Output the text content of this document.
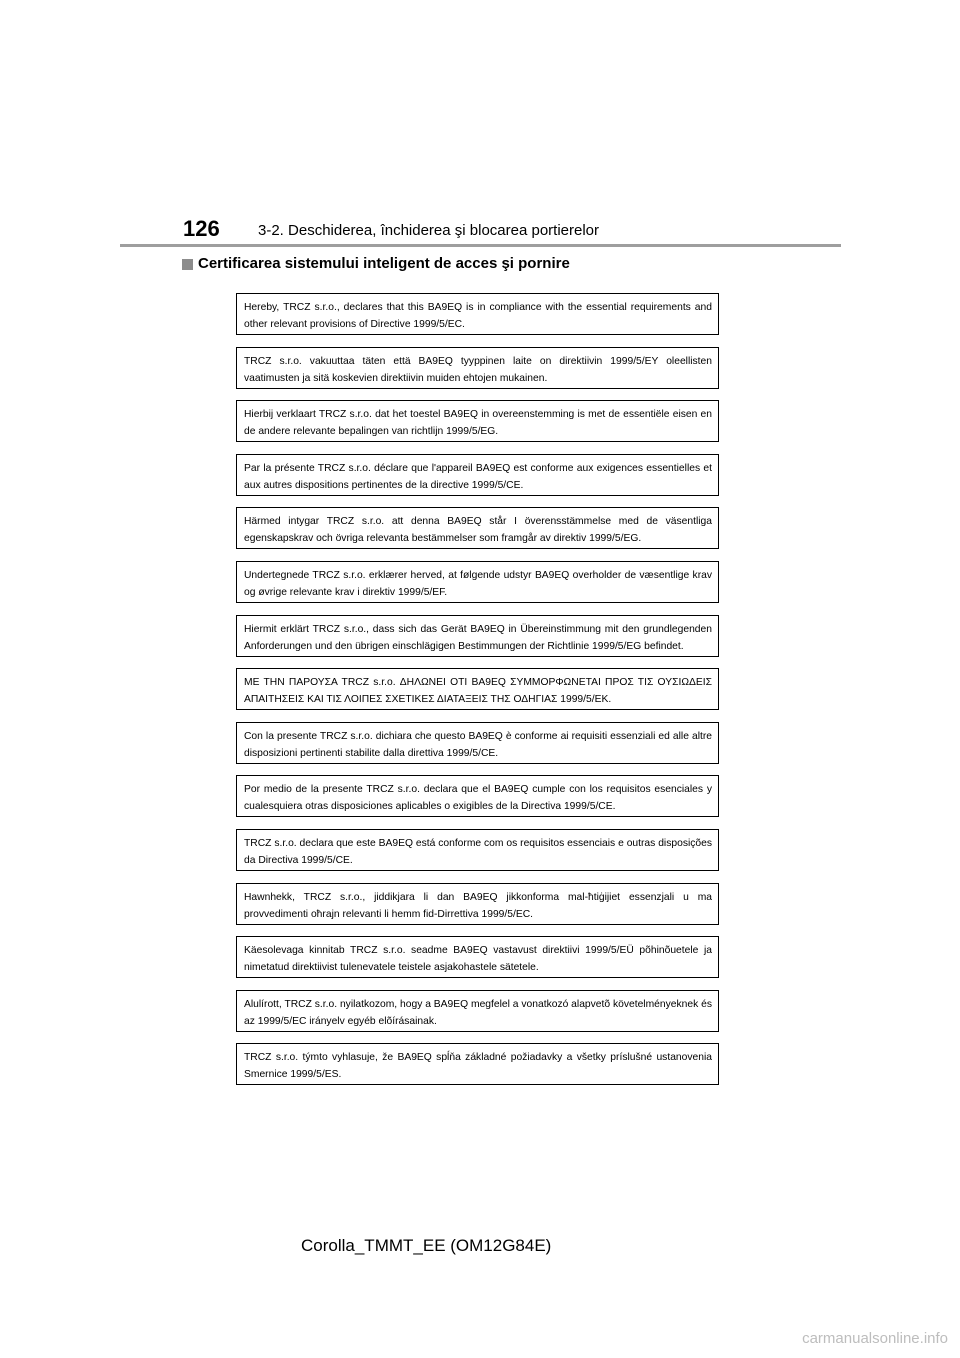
126	3-2. Deschiderea, închiderea şi blocarea portierelor
Certificarea sistemului inteligent de acces şi pornire
Hereby, TRCZ s.r.o., declares that this BA9EQ is in compliance with the essential requirements and other relevant provisions of Directive 1999/5/EC.
TRCZ s.r.o. vakuuttaa täten että BA9EQ tyyppinen laite on direktiivin 1999/5/EY oleellisten vaatimusten ja sitä koskevien direktiivin muiden ehtojen mukainen.
Hierbij verklaart TRCZ s.r.o. dat het toestel BA9EQ in overeenstemming is met de essentiële eisen en de andere relevante bepalingen van richtlijn 1999/5/EG.
Par la présente TRCZ s.r.o. déclare que l'appareil BA9EQ est conforme aux exigences essentielles et aux autres dispositions pertinentes de la directive 1999/5/CE.
Härmed intygar TRCZ s.r.o. att denna BA9EQ står I överensstämmelse med de väsentliga egenskapskrav och övriga relevanta bestämmelser som framgår av direktiv 1999/5/EG.
Undertegnede TRCZ s.r.o. erklærer herved, at følgende udstyr BA9EQ overholder de væsentlige krav og øvrige relevante krav i direktiv 1999/5/EF.
Hiermit erklärt TRCZ s.r.o., dass sich das Gerät BA9EQ in Übereinstimmung mit den grundlegenden Anforderungen und den übrigen einschlägigen Bestimmungen der Richtlinie 1999/5/EG befindet.
ΜΕ ΤΗΝ ΠΑΡΟΥΣΑ TRCZ s.r.o. ΔΗΛΩΝΕΙ ΟΤΙ BA9EQ ΣΥΜΜΟΡΦΩΝΕΤΑΙ ΠΡΟΣ ΤΙΣ ΟΥΣΙΩΔΕΙΣ ΑΠΑΙΤΗΣΕΙΣ ΚΑΙ ΤΙΣ ΛΟΙΠΕΣ ΣΧΕΤΙΚΕΣ ΔΙΑΤΑΞΕΙΣ ΤΗΣ ΟΔΗΓΙΑΣ 1999/5/ΕΚ.
Con la presente TRCZ s.r.o. dichiara che questo BA9EQ è conforme ai requisiti essenziali ed alle altre disposizioni pertinenti stabilite dalla direttiva 1999/5/CE.
Por medio de la presente TRCZ s.r.o. declara que el BA9EQ cumple con los requisitos esenciales y cualesquiera otras disposiciones aplicables o exigibles de la Directiva 1999/5/CE.
TRCZ s.r.o. declara que este BA9EQ está conforme com os requisitos essenciais e outras disposições da Directiva 1999/5/CE.
Hawnhekk, TRCZ s.r.o., jiddikjara li dan BA9EQ jikkonforma mal-ħtiġijiet essenzjali u ma provvedimenti oħrajn relevanti li hemm fid-Dirrettiva 1999/5/EC.
Käesolevaga kinnitab TRCZ s.r.o. seadme BA9EQ vastavust direktiivi 1999/5/EÜ põhinõuetele ja nimetatud direktiivist tulenevatele teistele asjakohastele sätetele.
Alulírott, TRCZ s.r.o. nyilatkozom, hogy a BA9EQ megfelel a vonatkozó alapvetõ követelményeknek és az 1999/5/EC irányelv egyéb elõírásainak.
TRCZ s.r.o. týmto vyhlasuje, že BA9EQ spĺňa základné požiadavky a všetky príslušné ustanovenia Smernice 1999/5/ES.
Corolla_TMMT_EE (OM12G84E)
carmanualsonline.info
